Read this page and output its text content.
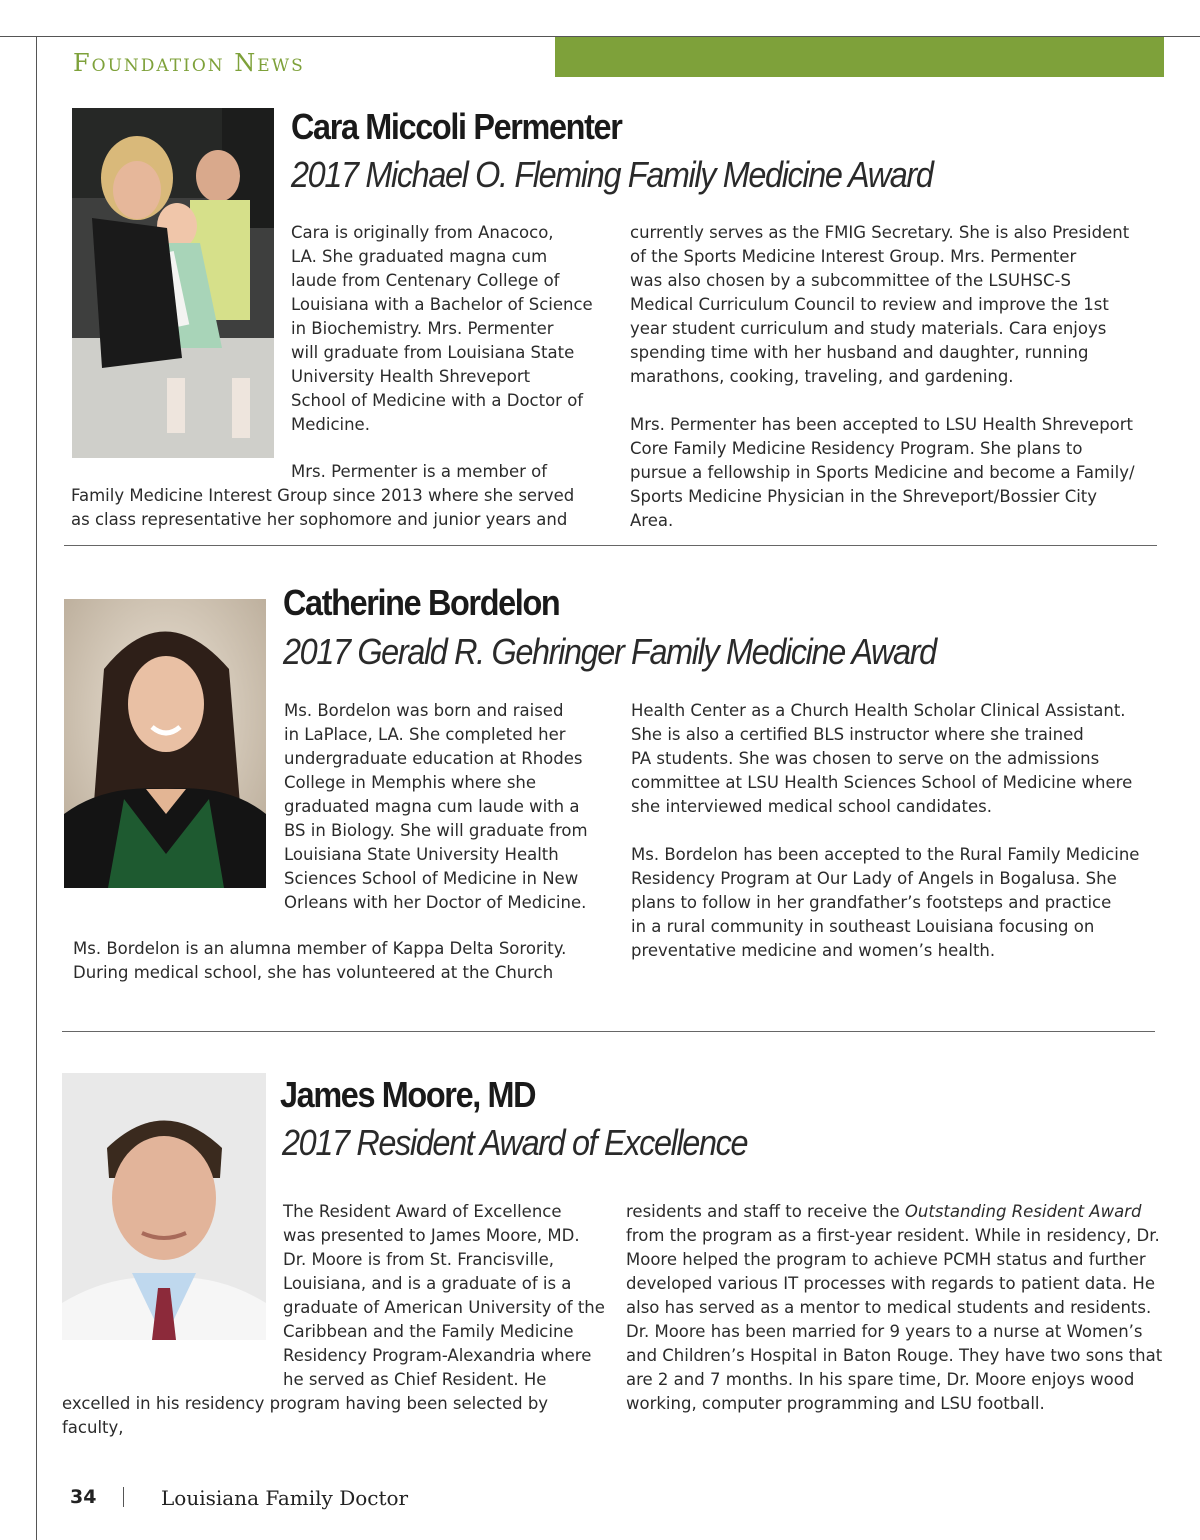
Foundation News
Cara Miccoli Permenter
2017 Michael O. Fleming Family Medicine Award

Cara is originally from Anacoco,
LA. She graduated magna cum
laude from Centenary College of
Louisiana with a Bachelor of Science
in Biochemistry. Mrs. Permenter
will graduate from Louisiana State
University Health Shreveport
School of Medicine with a Doctor of
Medicine.

Mrs. Permenter is a member of

Family Medicine Interest Group since 2013 where she served
as class representative her sophomore and junior years and

currently serves as the FMIG Secretary. She is also President
of the Sports Medicine Interest Group. Mrs. Permenter
was also chosen by a subcommittee of the LSUHSC-S
Medical Curriculum Council to review and improve the 1st
year student curriculum and study materials. Cara enjoys
spending time with her husband and daughter, running
marathons, cooking, traveling, and gardening.

Mrs. Permenter has been accepted to LSU Health Shreveport
Core Family Medicine Residency Program. She plans to
pursue a fellowship in Sports Medicine and become a Family/
Sports Medicine Physician in the Shreveport/Bossier City
Area.

Catherine Bordelon
2017 Gerald R. Gehringer Family Medicine Award

Ms. Bordelon was born and raised
in LaPlace, LA. She completed her
undergraduate education at Rhodes
College in Memphis where she
graduated magna cum laude with a
BS in Biology. She will graduate from
Louisiana State University Health
Sciences School of Medicine in New
Orleans with her Doctor of Medicine.

Ms. Bordelon is an alumna member of Kappa Delta Sorority.
During medical school, she has volunteered at the Church

Health Center as a Church Health Scholar Clinical Assistant.
She is also a certified BLS instructor where she trained
PA students. She was chosen to serve on the admissions
committee at LSU Health Sciences School of Medicine where
she interviewed medical school candidates.

Ms. Bordelon has been accepted to the Rural Family Medicine
Residency Program at Our Lady of Angels in Bogalusa. She
plans to follow in her grandfather’s footsteps and practice
in a rural community in southeast Louisiana focusing on
preventative medicine and women’s health.

James Moore, MD
2017 Resident Award of Excellence

The Resident Award of Excellence
was presented to James Moore, MD.
Dr. Moore is from St. Francisville,
Louisiana, and is a graduate of is a
graduate of American University of the
Caribbean and the Family Medicine
Residency Program-Alexandria where
he served as Chief Resident. He

excelled in his residency program having been selected by faculty,

residents and staff to receive the Outstanding Resident Award

from the program as a first-year resident. While in residency, Dr.
Moore helped the program to achieve PCMH status and further
developed various IT processes with regards to patient data. He
also has served as a mentor to medical students and residents.
Dr. Moore has been married for 9 years to a nurse at Women’s
and Children’s Hospital in Baton Rouge. They have two sons that
are 2 and 7 months. In his spare time, Dr. Moore enjoys wood
working, computer programming and LSU football.

34	Louisiana Family Doctor
